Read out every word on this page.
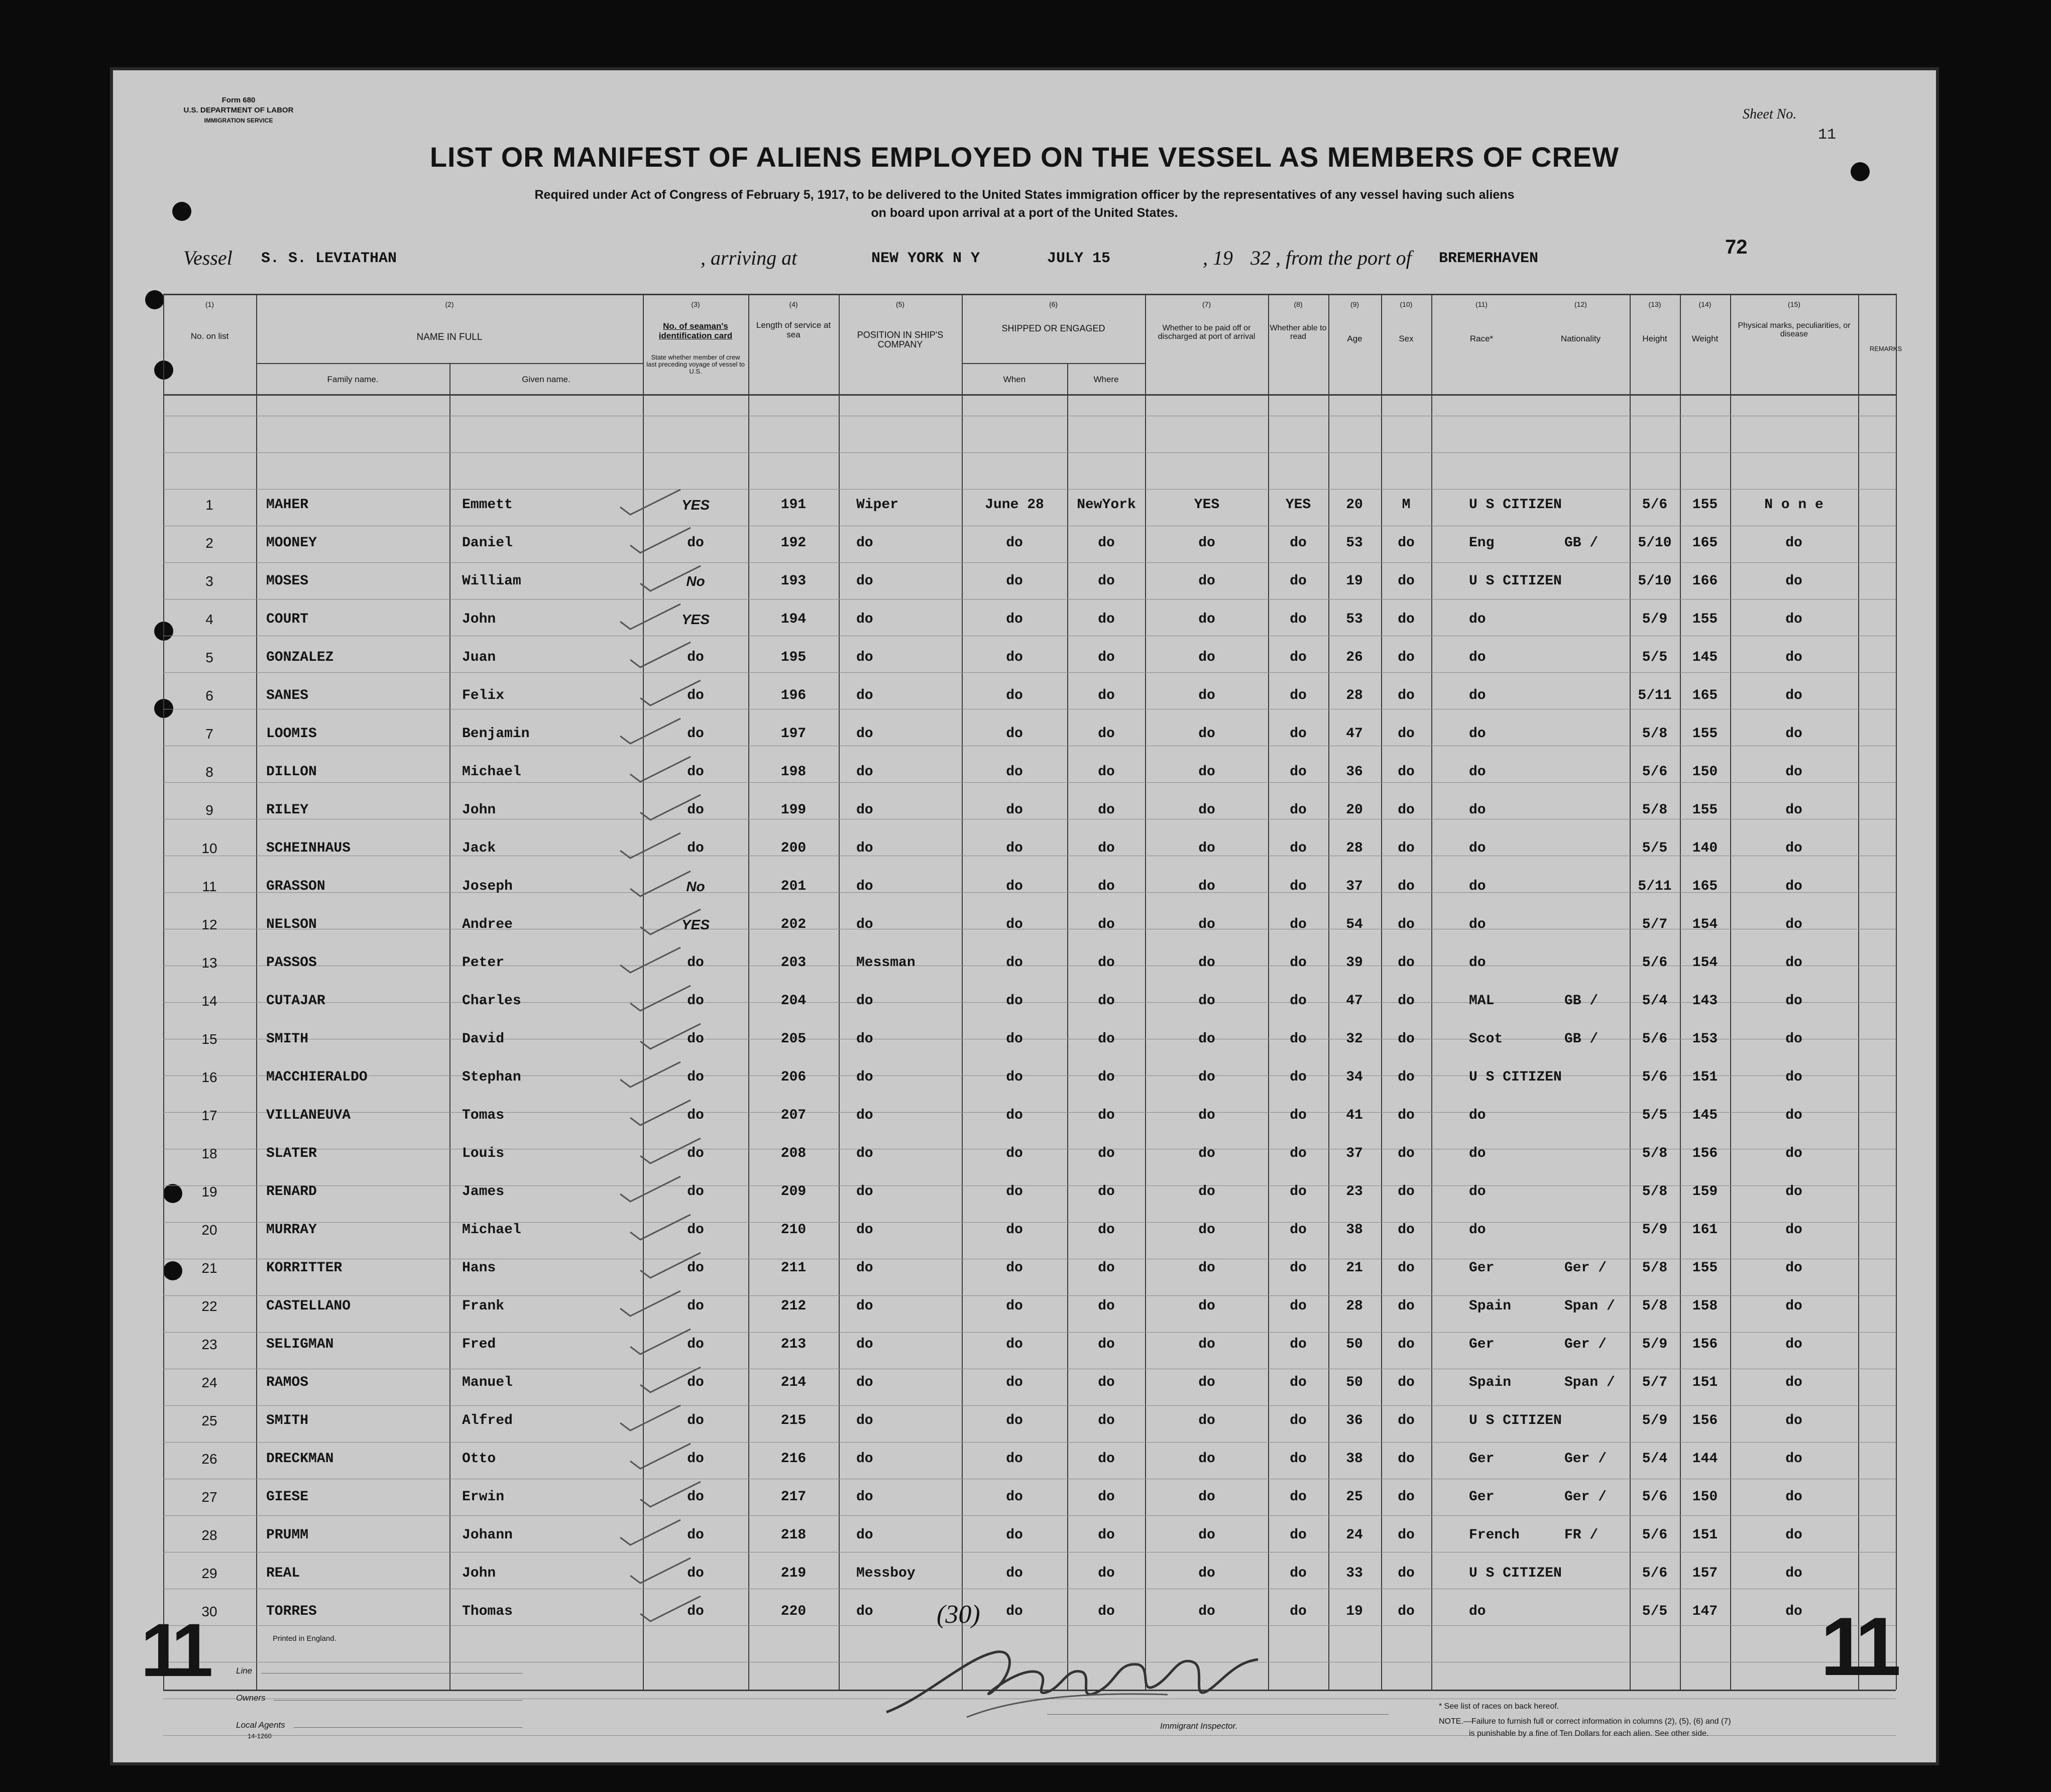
Form 680
U.S. DEPARTMENT OF LABOR
IMMIGRATION SERVICE	Sheet No.
11
LIST OR MANIFEST OF ALIENS EMPLOYED ON THE VESSEL AS MEMBERS OF CREW
Required under Act of Congress of February 5, 1917, to be delivered to the United States immigration officer by the representatives of any vessel having such aliens
on board upon arrival at a port of the United States.
Vessel S. S. LEVIATHAN	, arriving at	NEW YORK N Y	JULY 15	, 19 32 , from the port of BREMERHAVEN
72
(1)
No. on list
(2)
NAME IN FULL
Family name.	Given name.
(3)
No. of seaman's identification card
State whether member of crew last preceding voyage of vessel to U.S.
(4)
Length of service at sea
(5)
POSITION IN SHIP'S COMPANY
(6)
SHIPPED OR ENGAGED
When	Where
(7)
Whether to be paid off or discharged at port of arrival
(8)
Whether able to read
(9)
Age
(10)
Sex
(11)
Race*
(12)
Nationality
(13)
Height
(14)
Weight
(15)
Physical marks, peculiarities, or disease
REMARKS
1	MAHER	Emmett	YES	191	Wiper	June 28 NewYork	YES	YES 20	M	U S CITIZEN	5/6 155	N o n e
2	MOONEY	Daniel	do	192	do	do	do	do	do	53 do	Eng	GB /	5/10 165	do
3	MOSES	William	No	193	do	do	do	do	do	19 do	U S CITIZEN	5/10 166	do
4	COURT	John	YES	194	do	do	do	do	do	53 do	do	5/9 155	do
5	GONZALEZ	Juan	do	195	do	do	do	do	do	26 do	do	5/5 145	do
6	SANES	Felix	do	196	do	do	do	do	do	28 do	do	5/11 165	do
7	LOOMIS	Benjamin	do	197	do	do	do	do	do	47 do	do	5/8 155	do
8	DILLON	Michael	do	198	do	do	do	do	do	36 do	do	5/6 150	do
9	RILEY	John	do	199	do	do	do	do	do	20 do	do	5/8 155	do
10	SCHEINHAUS	Jack	do	200	do	do	do	do	do	28 do	do	5/5 140	do
11	GRASSON	Joseph	No	201	do	do	do	do	do	37 do	do	5/11 165	do
12	NELSON	Andree	YES	202	do	do	do	do	do	54 do	do	5/7 154	do
13	PASSOS	Peter	do	203	Messman	do	do	do	do	39 do	do	5/6 154	do
14	CUTAJAR	Charles	do	204	do	do	do	do	do	47 do	MAL	GB /	5/4 143	do
15	SMITH	David	do	205	do	do	do	do	do	32 do	Scot	GB /	5/6 153	do
16	MACCHIERALDO	Stephan	do	206	do	do	do	do	do	34 do	U S CITIZEN	5/6 151	do
17	VILLANEUVA	Tomas	do	207	do	do	do	do	do	41 do	do	5/5 145	do
18	SLATER	Louis	do	208	do	do	do	do	do	37 do	do	5/8 156	do
19	RENARD	James	do	209	do	do	do	do	do	23 do	do	5/8 159	do
20	MURRAY	Michael	do	210	do	do	do	do	do	38 do	do	5/9 161	do
21	KORRITTER	Hans	do	211	do	do	do	do	do	21 do	Ger	Ger /	5/8 155	do
22	CASTELLANO	Frank	do	212	do	do	do	do	do	28 do	Spain	Span / 5/8 158	do
23	SELIGMAN	Fred	do	213	do	do	do	do	do	50 do	Ger	Ger /	5/9 156	do
24	RAMOS	Manuel	do	214	do	do	do	do	do	50 do	Spain	Span / 5/7 151	do
25	SMITH	Alfred	do	215	do	do	do	do	do	36 do	U S CITIZEN	5/9 156	do
26	DRECKMAN	Otto	do	216	do	do	do	do	do	38 do	Ger	Ger /	5/4 144	do
27	GIESE	Erwin	do	217	do	do	do	do	do	25 do	Ger	Ger /	5/6 150	do
28	PRUMM	Johann	do	218	do	do	do	do	do	24 do	French	FR /	5/6 151	do
29	REAL	John	do	219	Messboy	do	do	do	do	33 do	U S CITIZEN	5/6 157	do
30	TORRES	Thomas	do	220	do	do	do	do	do	19 do	do	5/5 147	do
(30)
11	11
Printed in England.
Line
Owners
Local Agents
14-1260
Immigrant Inspector.
* See list of races on back hereof.
NOTE.—Failure to furnish full or correct information in columns (2), (5), (6) and (7)
is punishable by a fine of Ten Dollars for each alien. See other side.
